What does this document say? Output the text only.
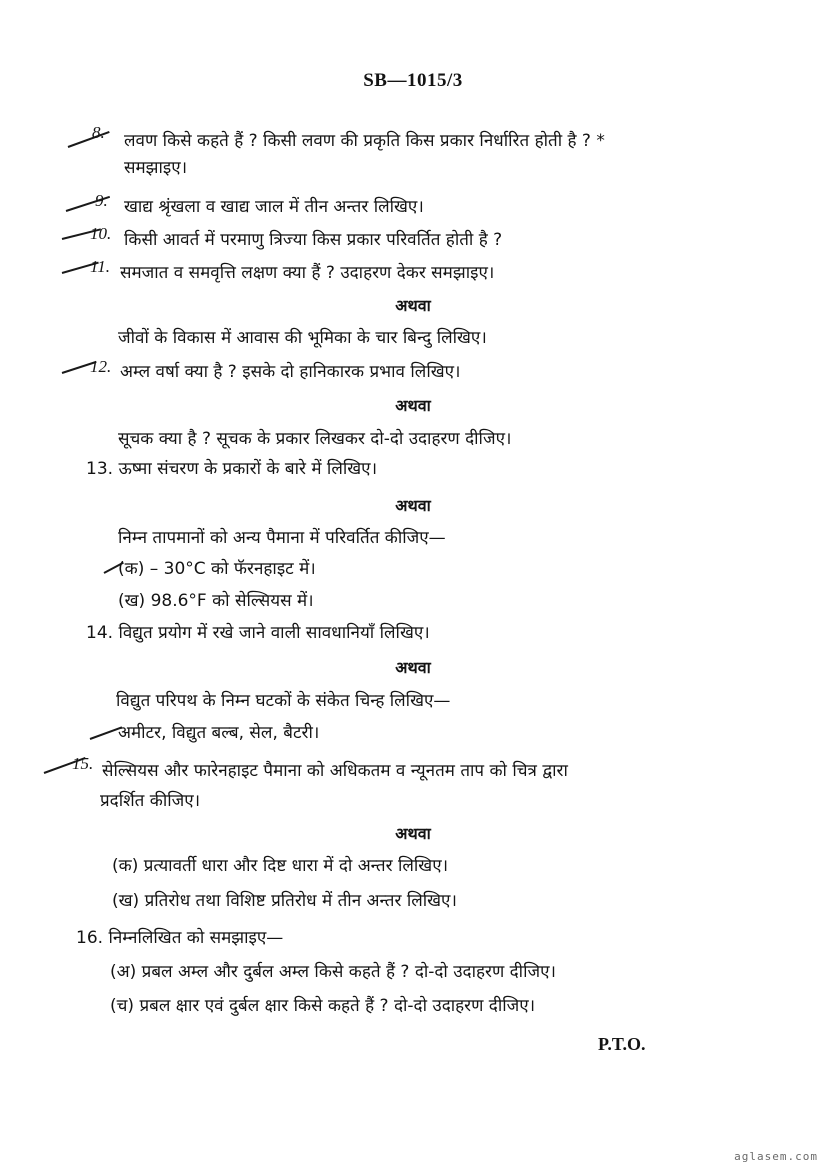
SB—1015/3
8. लवण किसे कहते हैं ? किसी लवण की प्रकृति किस प्रकार निर्धारित होती है ? *
समझाइए।
9. खाद्य श्रृंखला व खाद्य जाल में तीन अन्तर लिखिए।
10. किसी आवर्त में परमाणु त्रिज्या किस प्रकार परिवर्तित होती है ?
11. समजात व समवृत्ति लक्षण क्या हैं ? उदाहरण देकर समझाइए।
अथवा
जीवों के विकास में आवास की भूमिका के चार बिन्दु लिखिए।
12. अम्ल वर्षा क्या है ? इसके दो हानिकारक प्रभाव लिखिए।
अथवा
सूचक क्या है ? सूचक के प्रकार लिखकर दो-दो उदाहरण दीजिए।
13. ऊष्मा संचरण के प्रकारों के बारे में लिखिए।
अथवा
निम्न तापमानों को अन्य पैमाना में परिवर्तित कीजिए—
(क) – 30°C को फॅरनहाइट में।
(ख) 98.6°F को सेल्सियस में।
14. विद्युत प्रयोग में रखे जाने वाली सावधानियाँ लिखिए।
अथवा
विद्युत परिपथ के निम्न घटकों के संकेत चिन्ह लिखिए—
अमीटर, विद्युत बल्ब, सेल, बैटरी।
15. सेल्सियस और फारेनहाइट पैमाना को अधिकतम व न्यूनतम ताप को चित्र द्वारा
प्रदर्शित कीजिए।
अथवा
(क) प्रत्यावर्ती धारा और दिष्ट धारा में दो अन्तर लिखिए।
(ख) प्रतिरोध तथा विशिष्ट प्रतिरोध में तीन अन्तर लिखिए।
16. निम्नलिखित को समझाइए—
(अ) प्रबल अम्ल और दुर्बल अम्ल किसे कहते हैं ? दो-दो उदाहरण दीजिए।
(च) प्रबल क्षार एवं दुर्बल क्षार किसे कहते हैं ? दो-दो उदाहरण दीजिए।
P.T.O.
aglasem.com
